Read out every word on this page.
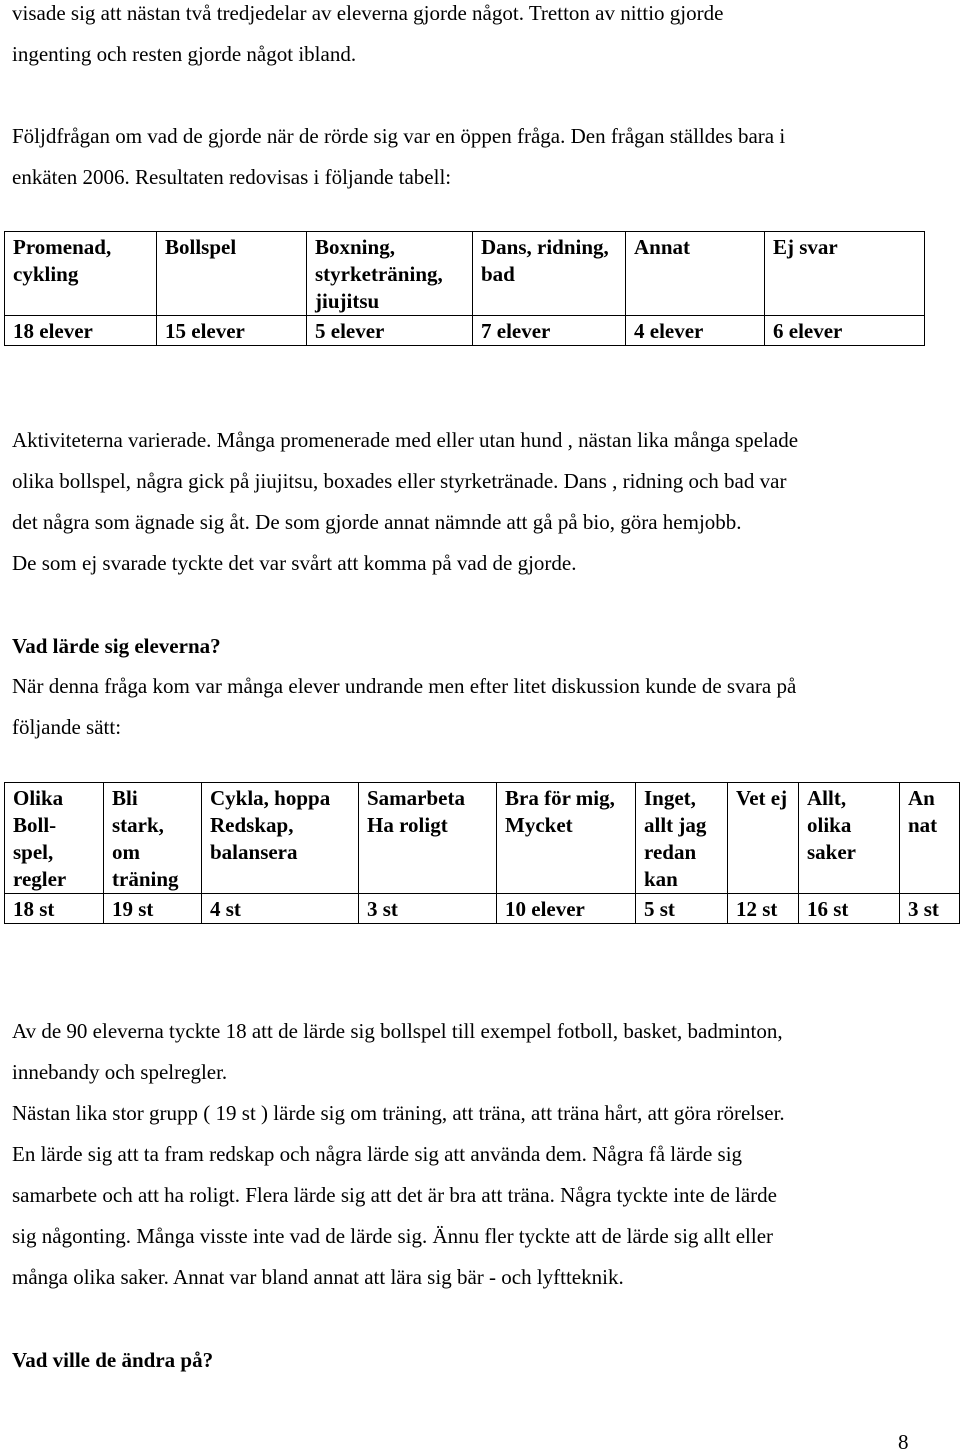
visade sig att nästan två tredjedelar av eleverna gjorde något. Tretton av nittio gjorde
ingenting och resten gjorde något ibland.
Följdfrågan om vad de gjorde när de rörde sig var en öppen fråga. Den frågan ställdes bara i
enkäten 2006. Resultaten redovisas i följande tabell:
Promenad, cykling	Bollspel	Boxning, styrketräning, jiujitsu	Dans, ridning, bad	Annat	Ej svar
18 elever	15 elever	5 elever	7 elever	4 elever	6 elever
Aktiviteterna varierade. Många promenerade med eller utan hund , nästan lika många spelade
olika bollspel, några gick på jiujitsu, boxades eller styrketränade. Dans , ridning och bad var
det några som ägnade sig åt. De som gjorde annat nämnde att gå på bio, göra hemjobb.
De som ej svarade tyckte det var svårt att komma på vad de gjorde.
Vad lärde sig eleverna?
När denna fråga kom var många elever undrande men efter litet diskussion kunde de svara på
följande sätt:
Olika Boll-spel, regler	Bli stark, om träning	Cykla, hoppa Redskap, balansera	Samarbeta Ha roligt	Bra för mig, Mycket	Inget, allt jag redan kan	Vet ej	Allt, olika saker	An nat
18 st	19 st	4 st	3 st	10 elever	5 st	12 st	16 st	3 st
Av de 90 eleverna tyckte 18 att de lärde sig bollspel till exempel fotboll, basket, badminton,
innebandy och spelregler.
Nästan lika stor grupp ( 19 st ) lärde sig om träning, att träna, att träna hårt, att göra rörelser.
En lärde sig att ta fram redskap och några lärde sig att använda dem. Några få lärde sig
samarbete och att ha roligt. Flera lärde sig att det är bra att träna. Några tyckte inte de lärde
sig någonting. Många visste inte vad de lärde sig. Ännu fler tyckte att de lärde sig allt eller
många olika saker. Annat var bland annat att lära sig bär - och lyftteknik.
Vad ville de ändra på?
8
